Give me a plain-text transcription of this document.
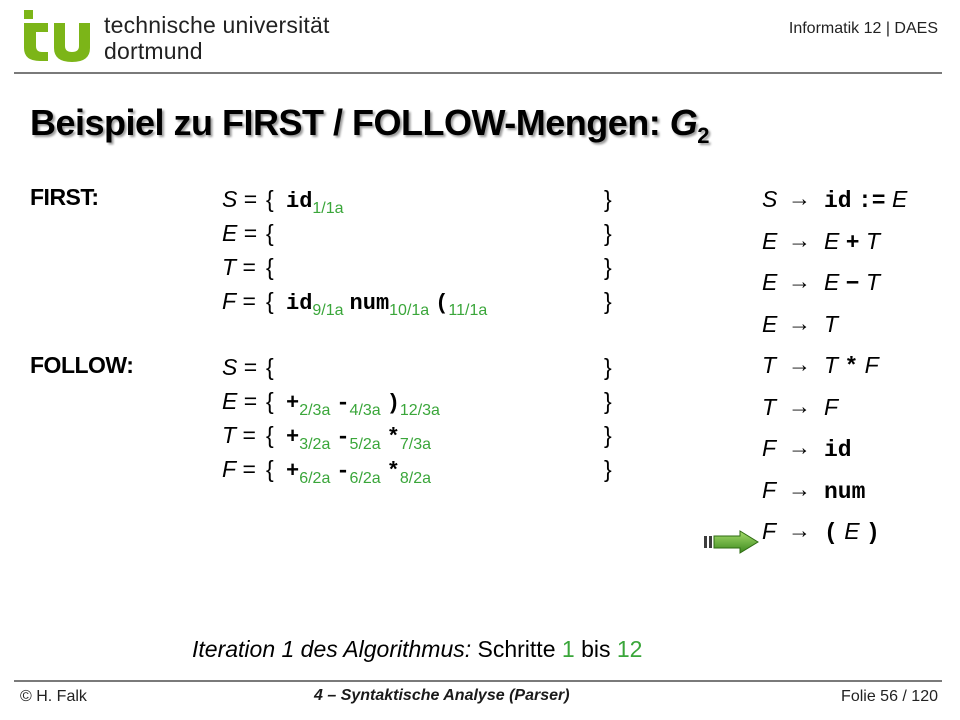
technische universität
dortmund
Informatik 12 | DAES
Beispiel zu FIRST / FOLLOW-Mengen: $G_2$
FIRST:
FOLLOW:
S = { $id_{1/1a}$	}
E = {	}
T = {	}
F = { $id_{9/1a}$ num$_{10/1a}$ ($_{11/1a}$	}
S = {	}
E = { $+_{2/3a}$ $-_{4/3a}$ )$_{12/3a}$	}
T = { $+_{3/2a}$ $-_{5/2a}$ $*_{7/3a}$	}
F = { $+_{6/2a}$ $-_{6/2a}$ $*_{8/2a}$	}
S → id := E
E → E + T
E → E − T
E → T
T → T * F
T → F
F → id
F → num
F → ( E )
Iteration 1 des Algorithmus: Schritte 1 bis 12
© H. Falk	4 – Syntaktische Analyse (Parser)	Folie 56 / 120
